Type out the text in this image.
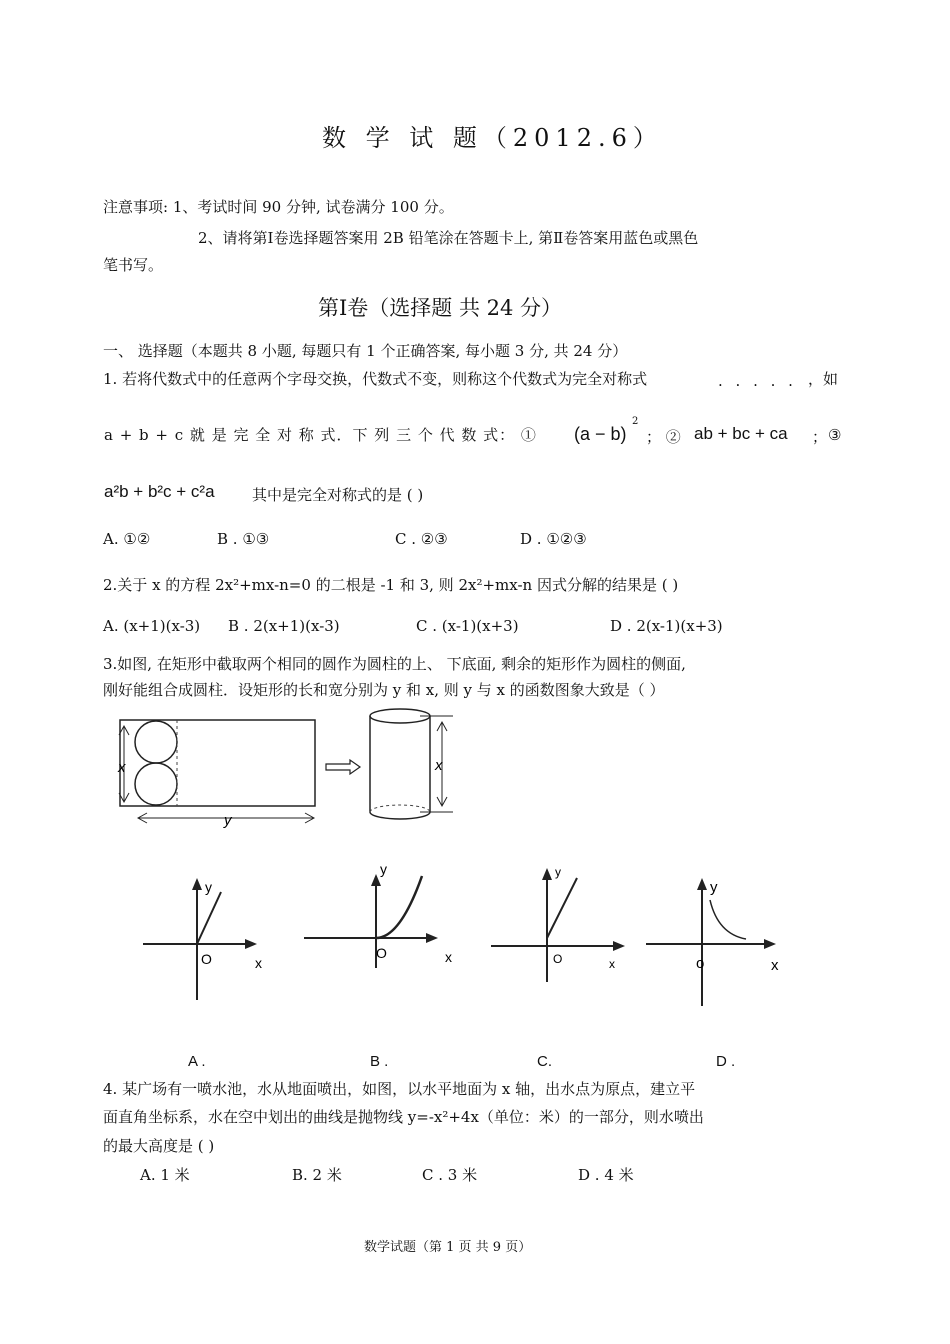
数 学 试 题（2012.6）
注意事项: 1、考试时间 90 分钟, 试卷满分 100 分。
2、请将第Ⅰ卷选择题答案用 2B 铅笔涂在答题卡上, 第Ⅱ卷答案用蓝色或黑色
笔书写。
第Ⅰ卷（选择题 共 24 分）
一、 选择题（本题共 8 小题, 每题只有 1 个正确答案, 每小题 3 分, 共 24 分）
1. 若将代数式中的任意两个字母交换，代数式不变，则称这个代数式为完全对称式	. . . . . ，如
a + b + c 就 是 完 全 对 称 式．下 列 三 个 代 数 式： ① (a − b)
2
； ② ab + bc + ca ； ③
a²b + b²c + c²a 其中是完全对称式的是 ( )
A. ①②	B . ①③	C . ②③	D . ①②③
2.关于 x 的方程 2x²+mx-n=0 的二根是 -1 和 3, 则 2x²+mx-n 因式分解的结果是 ( )
A. (x+1)(x-3) B . 2(x+1)(x-3)	C . (x-1)(x+3)	D . 2(x-1)(x+3)
3.如图, 在矩形中截取两个相同的圆作为圆柱的上、 下底面, 剩余的矩形作为圆柱的侧面,
刚好能组合成圆柱．设矩形的长和宽分别为 y 和 x, 则 y 与 x 的函数图象大致是（ ）
x
y
x
y
O	x
y
O	x
y
O	x
y
o	x
A .	B .	C.	D .
4. 某广场有一喷水池，水从地面喷出，如图，以水平地面为 x 轴，出水点为原点，建立平
面直角坐标系，水在空中划出的曲线是抛物线 y=-x²+4x（单位：米）的一部分，则水喷出
的最大高度是 ( )
A. 1 米	B. 2 米	C . 3 米	D . 4 米
数学试题（第 1 页 共 9 页）
